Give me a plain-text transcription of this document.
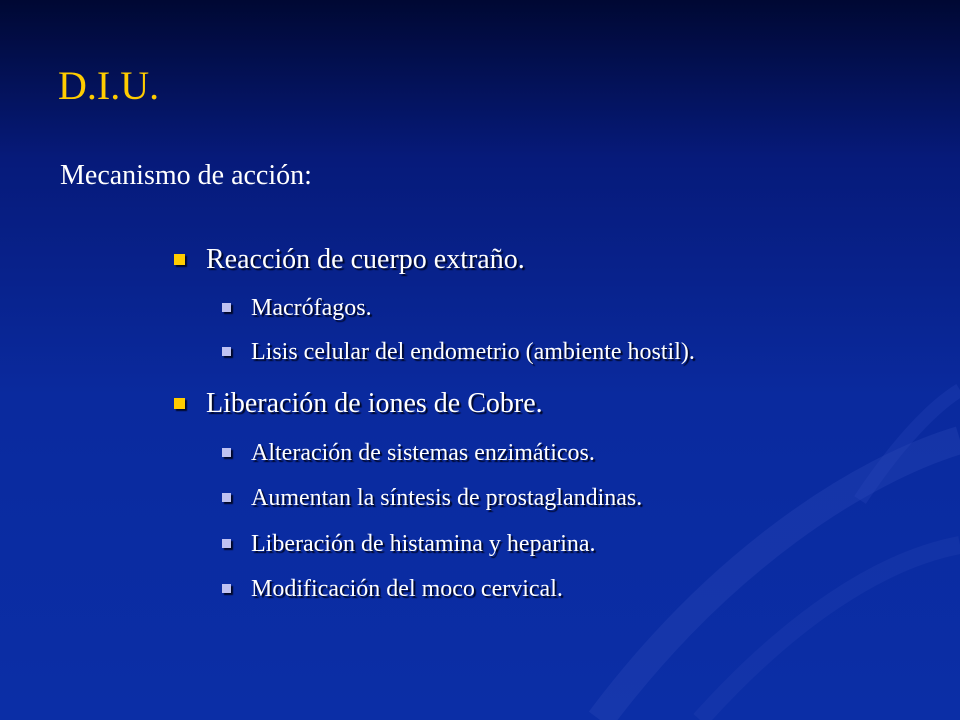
D.I.U.
Mecanismo de acción:
Reacción de cuerpo extraño.
Macrófagos.
Lisis celular del endometrio (ambiente hostil).
Liberación de iones de Cobre.
Alteración de sistemas enzimáticos.
Aumentan la síntesis de prostaglandinas.
Liberación de histamina y heparina.
Modificación del moco cervical.
